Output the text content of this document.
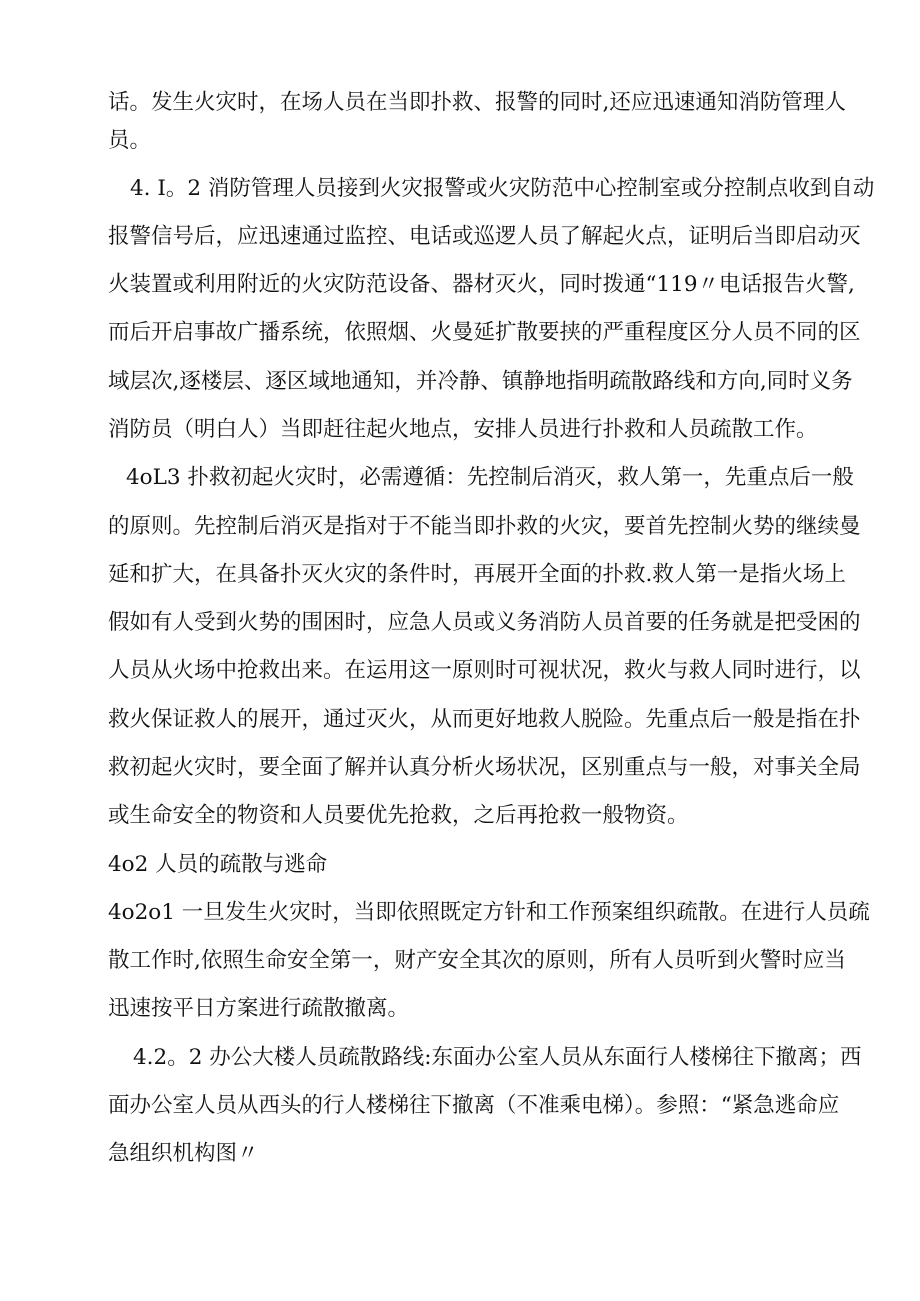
话。发生火灾时，在场人员在当即扑救、报警的同时,还应迅速通知消防管理人
员。
4. I。2 消防管理人员接到火灾报警或火灾防范中心控制室或分控制点收到自动
报警信号后，应迅速通过监控、电话或巡逻人员了解起火点，证明后当即启动灭
火装置或利用附近的火灾防范设备、器材灭火，同时拨通“119〃电话报告火警,
而后开启事故广播系统，依照烟、火曼延扩散要挟的严重程度区分人员不同的区
域层次,逐楼层、逐区域地通知，并冷静、镇静地指明疏散路线和方向,同时义务
消防员（明白人）当即赶往起火地点，安排人员进行扑救和人员疏散工作。
4oL3 扑救初起火灾时，必需遵循：先控制后消灭，救人第一，先重点后一般
的原则。先控制后消灭是指对于不能当即扑救的火灾，要首先控制火势的继续曼
延和扩大，在具备扑灭火灾的条件时，再展开全面的扑救.救人第一是指火场上
假如有人受到火势的围困时，应急人员或义务消防人员首要的任务就是把受困的
人员从火场中抢救出来。在运用这一原则时可视状况，救火与救人同时进行，以
救火保证救人的展开，通过灭火，从而更好地救人脱险。先重点后一般是指在扑
救初起火灾时，要全面了解并认真分析火场状况，区别重点与一般，对事关全局
或生命安全的物资和人员要优先抢救，之后再抢救一般物资。
4o2 人员的疏散与逃命
4o2o1 一旦发生火灾时，当即依照既定方针和工作预案组织疏散。在进行人员疏
散工作时,依照生命安全第一，财产安全其次的原则，所有人员听到火警时应当
迅速按平日方案进行疏散撤离。
4.2。2 办公大楼人员疏散路线:东面办公室人员从东面行人楼梯往下撤离；西
面办公室人员从西头的行人楼梯往下撤离（不准乘电梯）。参照：“紧急逃命应
急组织机构图〃
